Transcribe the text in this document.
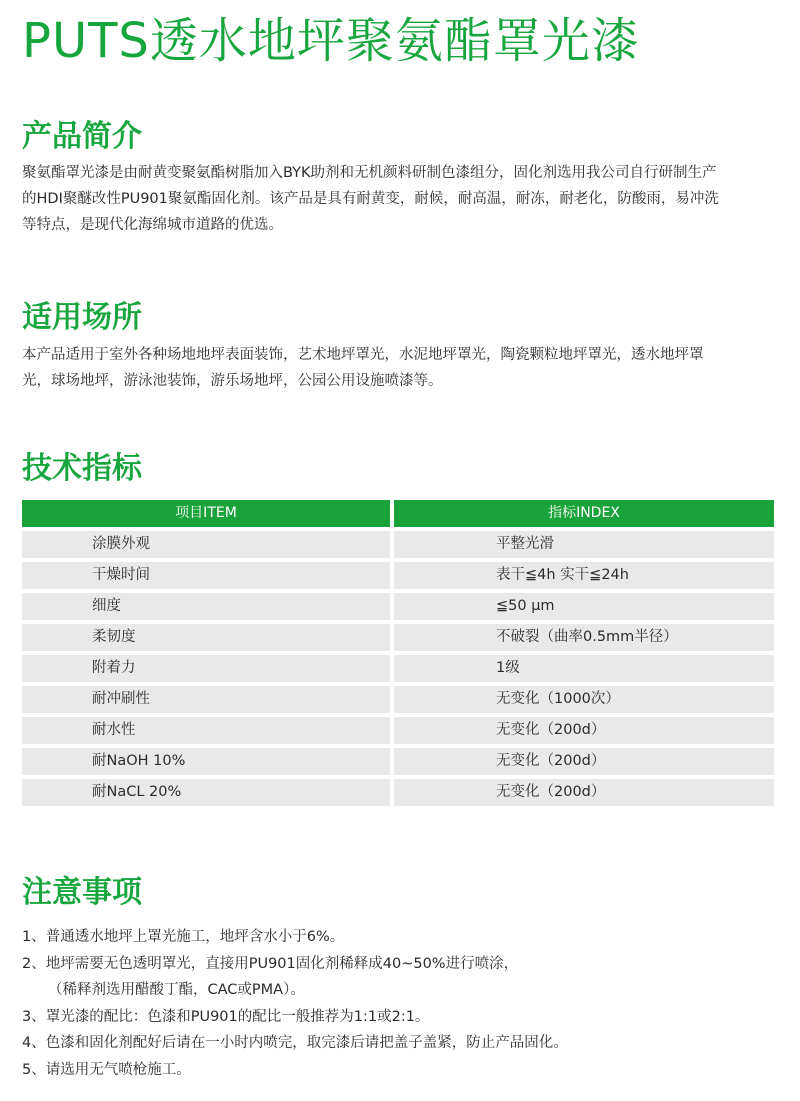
PUTS透水地坪聚氨酯罩光漆
产品简介

聚氨酯罩光漆是由耐黄变聚氨酯树脂加入BYK助剂和无机颜料研制色漆组分，固化剂选用我公司自行研制生产

的HDI聚醚改性PU901聚氨酯固化剂。该产品是具有耐黄变，耐候，耐高温，耐冻，耐老化，防酸雨，易冲洗

等特点，是现代化海绵城市道路的优选。

适用场所

本产品适用于室外各种场地地坪表面装饰，艺术地坪罩光，水泥地坪罩光，陶瓷颗粒地坪罩光，透水地坪罩

光，球场地坪，游泳池装饰，游乐场地坪，公园公用设施喷漆等。

技术指标
项目ITEM	指标INDEX
涂膜外观	平整光滑
干燥时间	表干≦4h 实干≦24h
细度	≦50 μm
柔韧度	不破裂（曲率0.5mm半径）
附着力	1级
耐冲刷性	无变化（1000次）
耐水性	无变化（200d）
耐NaOH 10%	无变化（200d）
耐NaCL 20%	无变化（200d）
注意事项
1、普通透水地坪上罩光施工，地坪含水小于6%。
2、地坪需要无色透明罩光，直接用PU901固化剂稀释成40~50%进行喷涂，
（稀释剂选用醋酸丁酯，CAC或PMA）。
3、罩光漆的配比：色漆和PU901的配比一般推荐为1:1或2:1。
4、色漆和固化剂配好后请在一小时内喷完，取完漆后请把盖子盖紧，防止产品固化。
5、请选用无气喷枪施工。
